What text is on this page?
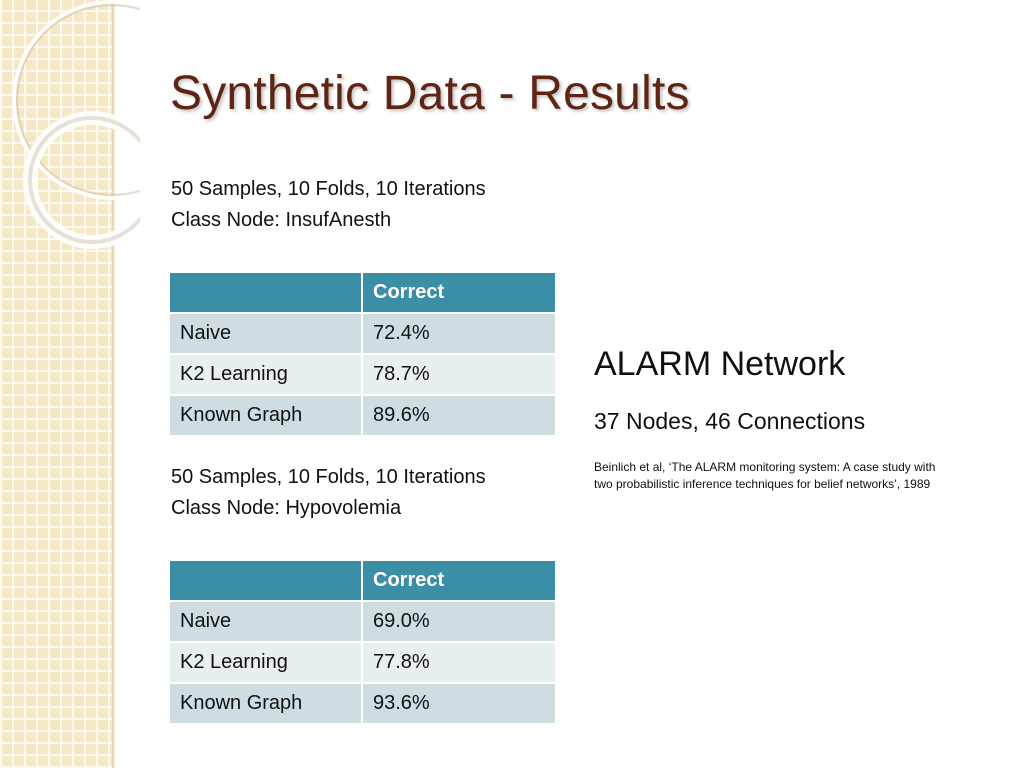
Synthetic Data - Results
50 Samples, 10 Folds, 10 Iterations
Class Node: InsufAnesth
	Correct
Naive	72.4%
K2 Learning	78.7%
Known Graph	89.6%
50 Samples, 10 Folds, 10 Iterations
Class Node: Hypovolemia
	Correct
Naive	69.0%
K2 Learning	77.8%
Known Graph	93.6%
ALARM Network
37 Nodes, 46 Connections
Beinlich et al, ‘The ALARM monitoring system: A case study with two probabilistic inference techniques for belief networks’, 1989
